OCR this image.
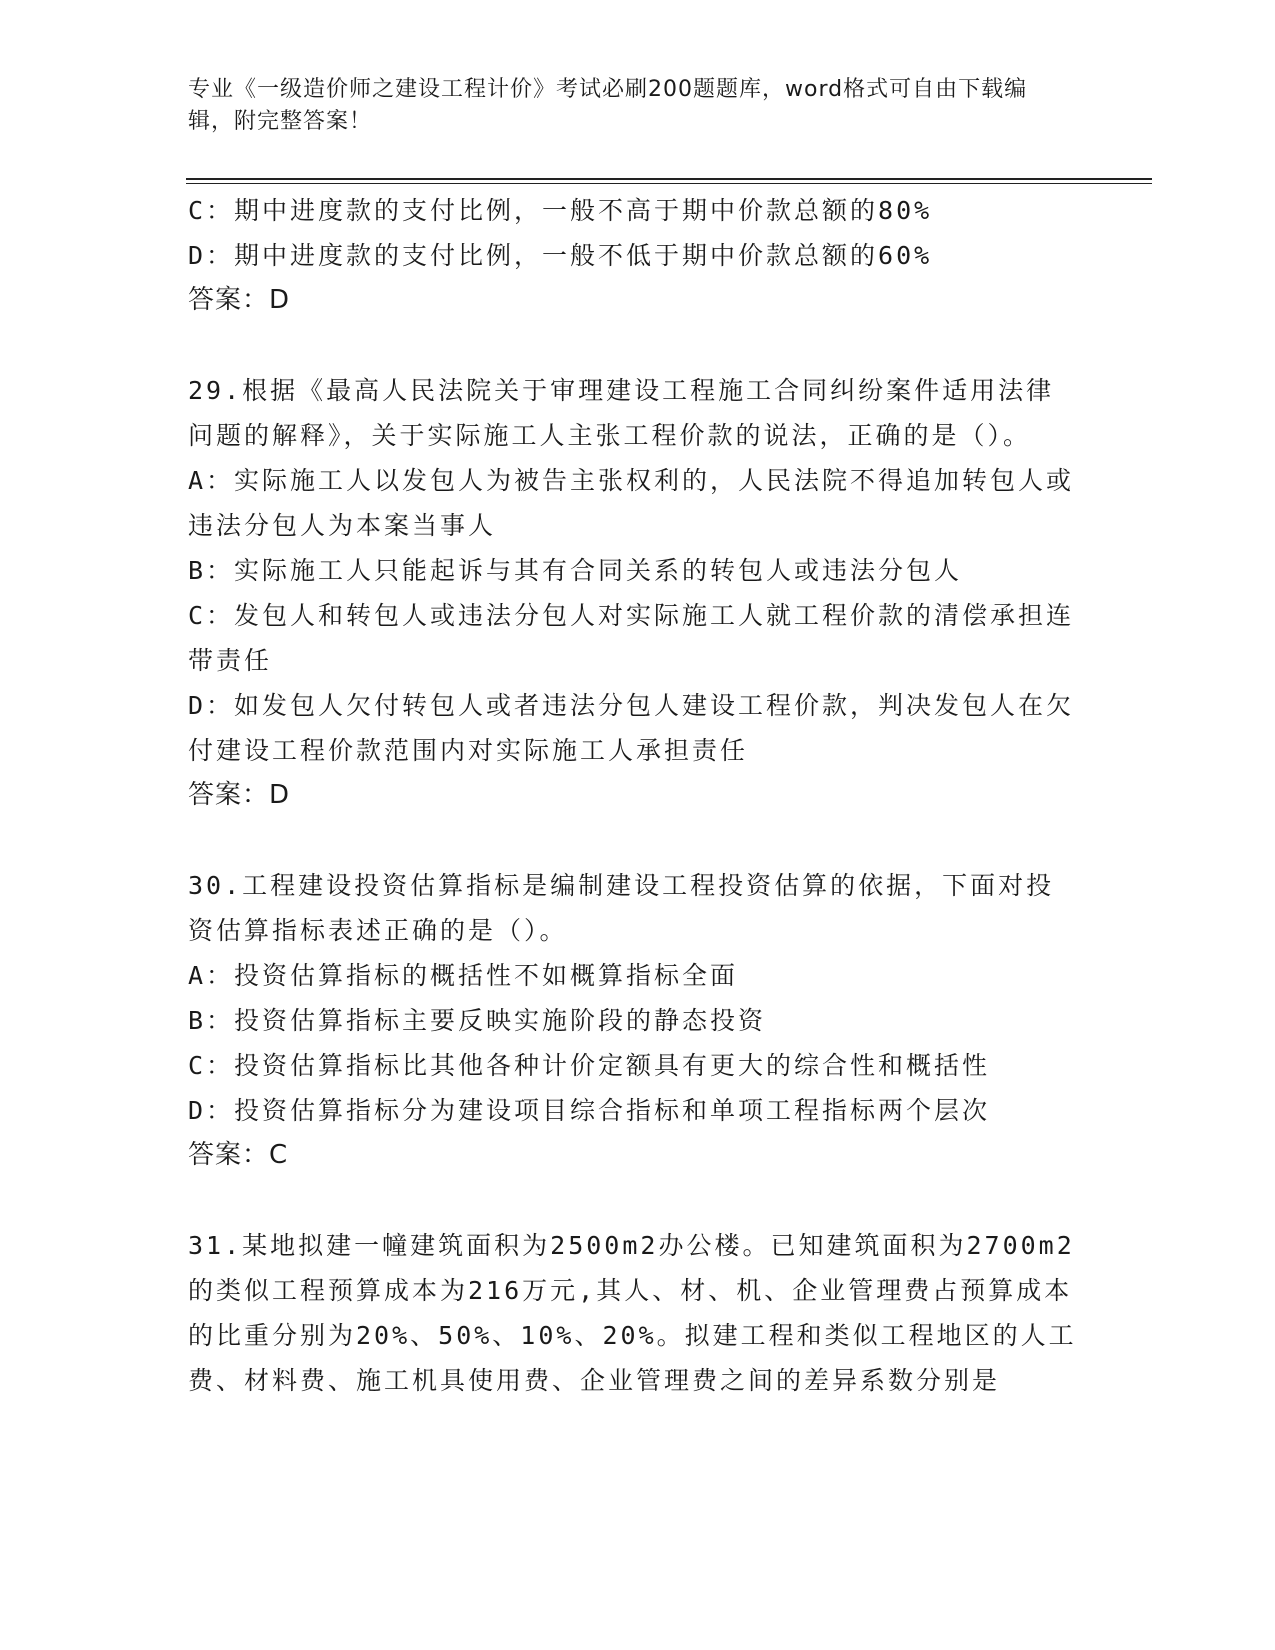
专业《一级造价师之建设工程计价》考试必刷200题题库，word格式可自由下载编辑，附完整答案！
C：期中进度款的支付比例，一般不高于期中价款总额的80%
D：期中进度款的支付比例，一般不低于期中价款总额的60%
答案：D
29.根据《最高人民法院关于审理建设工程施工合同纠纷案件适用法律问题的解释》，关于实际施工人主张工程价款的说法，正确的是（）。
A：实际施工人以发包人为被告主张权利的，人民法院不得追加转包人或违法分包人为本案当事人
B：实际施工人只能起诉与其有合同关系的转包人或违法分包人
C：发包人和转包人或违法分包人对实际施工人就工程价款的清偿承担连带责任
D：如发包人欠付转包人或者违法分包人建设工程价款，判决发包人在欠付建设工程价款范围内对实际施工人承担责任
答案：D
30.工程建设投资估算指标是编制建设工程投资估算的依据，下面对投资估算指标表述正确的是（）。
A：投资估算指标的概括性不如概算指标全面
B：投资估算指标主要反映实施阶段的静态投资
C：投资估算指标比其他各种计价定额具有更大的综合性和概括性
D：投资估算指标分为建设项目综合指标和单项工程指标两个层次
答案：C
31.某地拟建一幢建筑面积为2500m2办公楼。已知建筑面积为2700m2的类似工程预算成本为216万元,其人、材、机、企业管理费占预算成本的比重分别为20%、50%、10%、20%。拟建工程和类似工程地区的人工费、材料费、施工机具使用费、企业管理费之间的差异系数分别是
